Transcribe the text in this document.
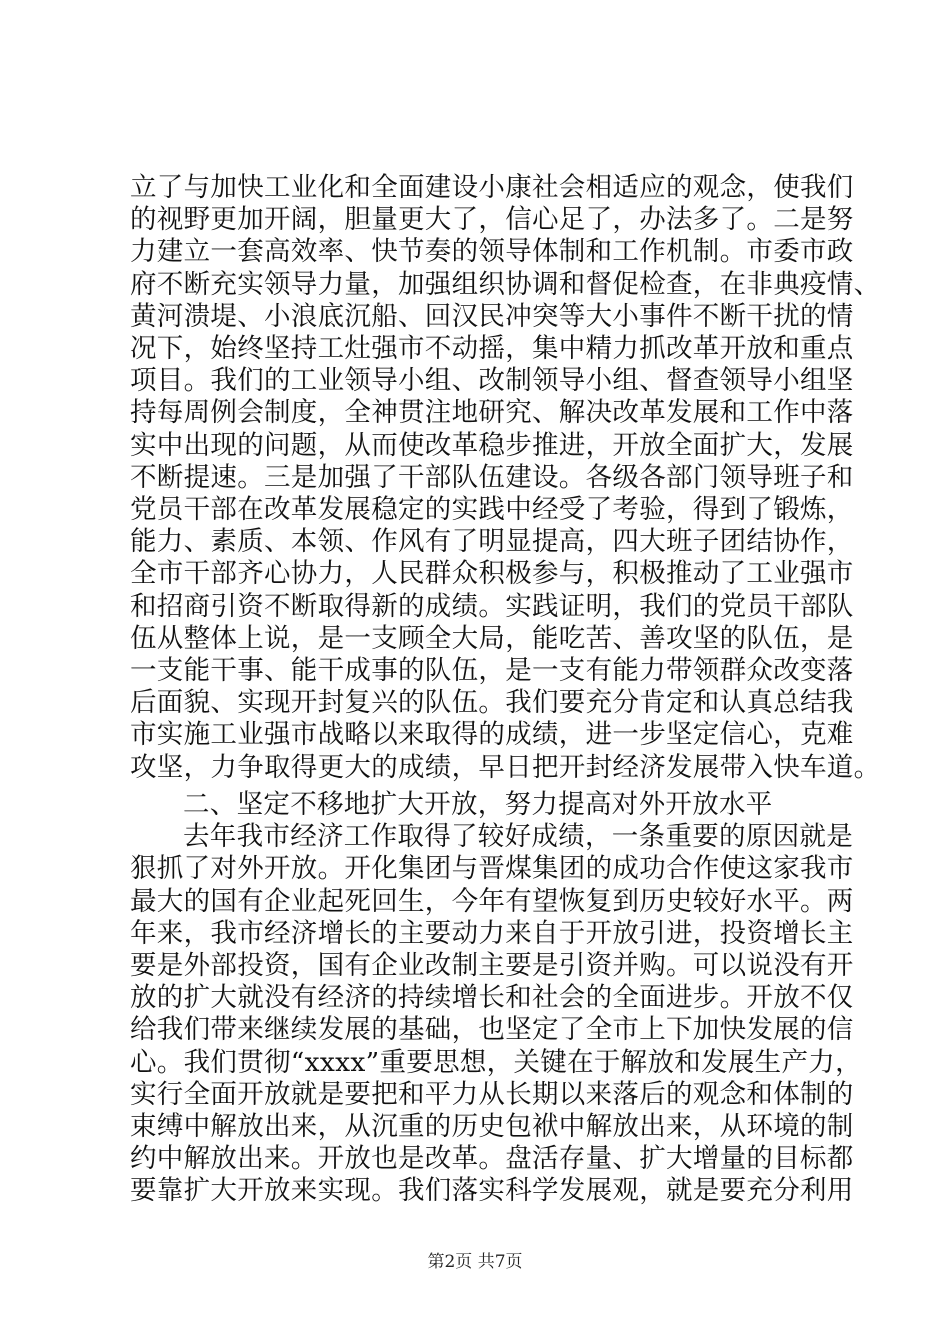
立了与加快工业化和全面建设小康社会相适应的观念，使我们
的视野更加开阔，胆量更大了，信心足了，办法多了。二是努
力建立一套高效率、快节奏的领导体制和工作机制。市委市政
府不断充实领导力量，加强组织协调和督促检查，在非典疫情、
黄河溃堤、小浪底沉船、回汉民冲突等大小事件不断干扰的情
况下，始终坚持工灶强市不动摇，集中精力抓改革开放和重点
项目。我们的工业领导小组、改制领导小组、督查领导小组坚
持每周例会制度，全神贯注地研究、解决改革发展和工作中落
实中出现的问题，从而使改革稳步推进，开放全面扩大，发展
不断提速。三是加强了干部队伍建设。各级各部门领导班子和
党员干部在改革发展稳定的实践中经受了考验，得到了锻炼，
能力、素质、本领、作风有了明显提高，四大班子团结协作，
全市干部齐心协力，人民群众积极参与，积极推动了工业强市
和招商引资不断取得新的成绩。实践证明，我们的党员干部队
伍从整体上说，是一支顾全大局，能吃苦、善攻坚的队伍，是
一支能干事、能干成事的队伍，是一支有能力带领群众改变落
后面貌、实现开封复兴的队伍。我们要充分肯定和认真总结我
市实施工业强市战略以来取得的成绩，进一步坚定信心，克难
攻坚，力争取得更大的成绩，早日把开封经济发展带入快车道。
二、坚定不移地扩大开放，努力提高对外开放水平
去年我市经济工作取得了较好成绩，一条重要的原因就是
狠抓了对外开放。开化集团与晋煤集团的成功合作使这家我市
最大的国有企业起死回生，今年有望恢复到历史较好水平。两
年来，我市经济增长的主要动力来自于开放引进，投资增长主
要是外部投资，国有企业改制主要是引资并购。可以说没有开
放的扩大就没有经济的持续增长和社会的全面进步。开放不仅
给我们带来继续发展的基础，也坚定了全市上下加快发展的信
心。我们贯彻“xxxx”重要思想，关键在于解放和发展生产力，
实行全面开放就是要把和平力从长期以来落后的观念和体制的
束缚中解放出来，从沉重的历史包袱中解放出来，从环境的制
约中解放出来。开放也是改革。盘活存量、扩大增量的目标都
要靠扩大开放来实现。我们落实科学发展观，就是要充分利用
第2页 共7页
